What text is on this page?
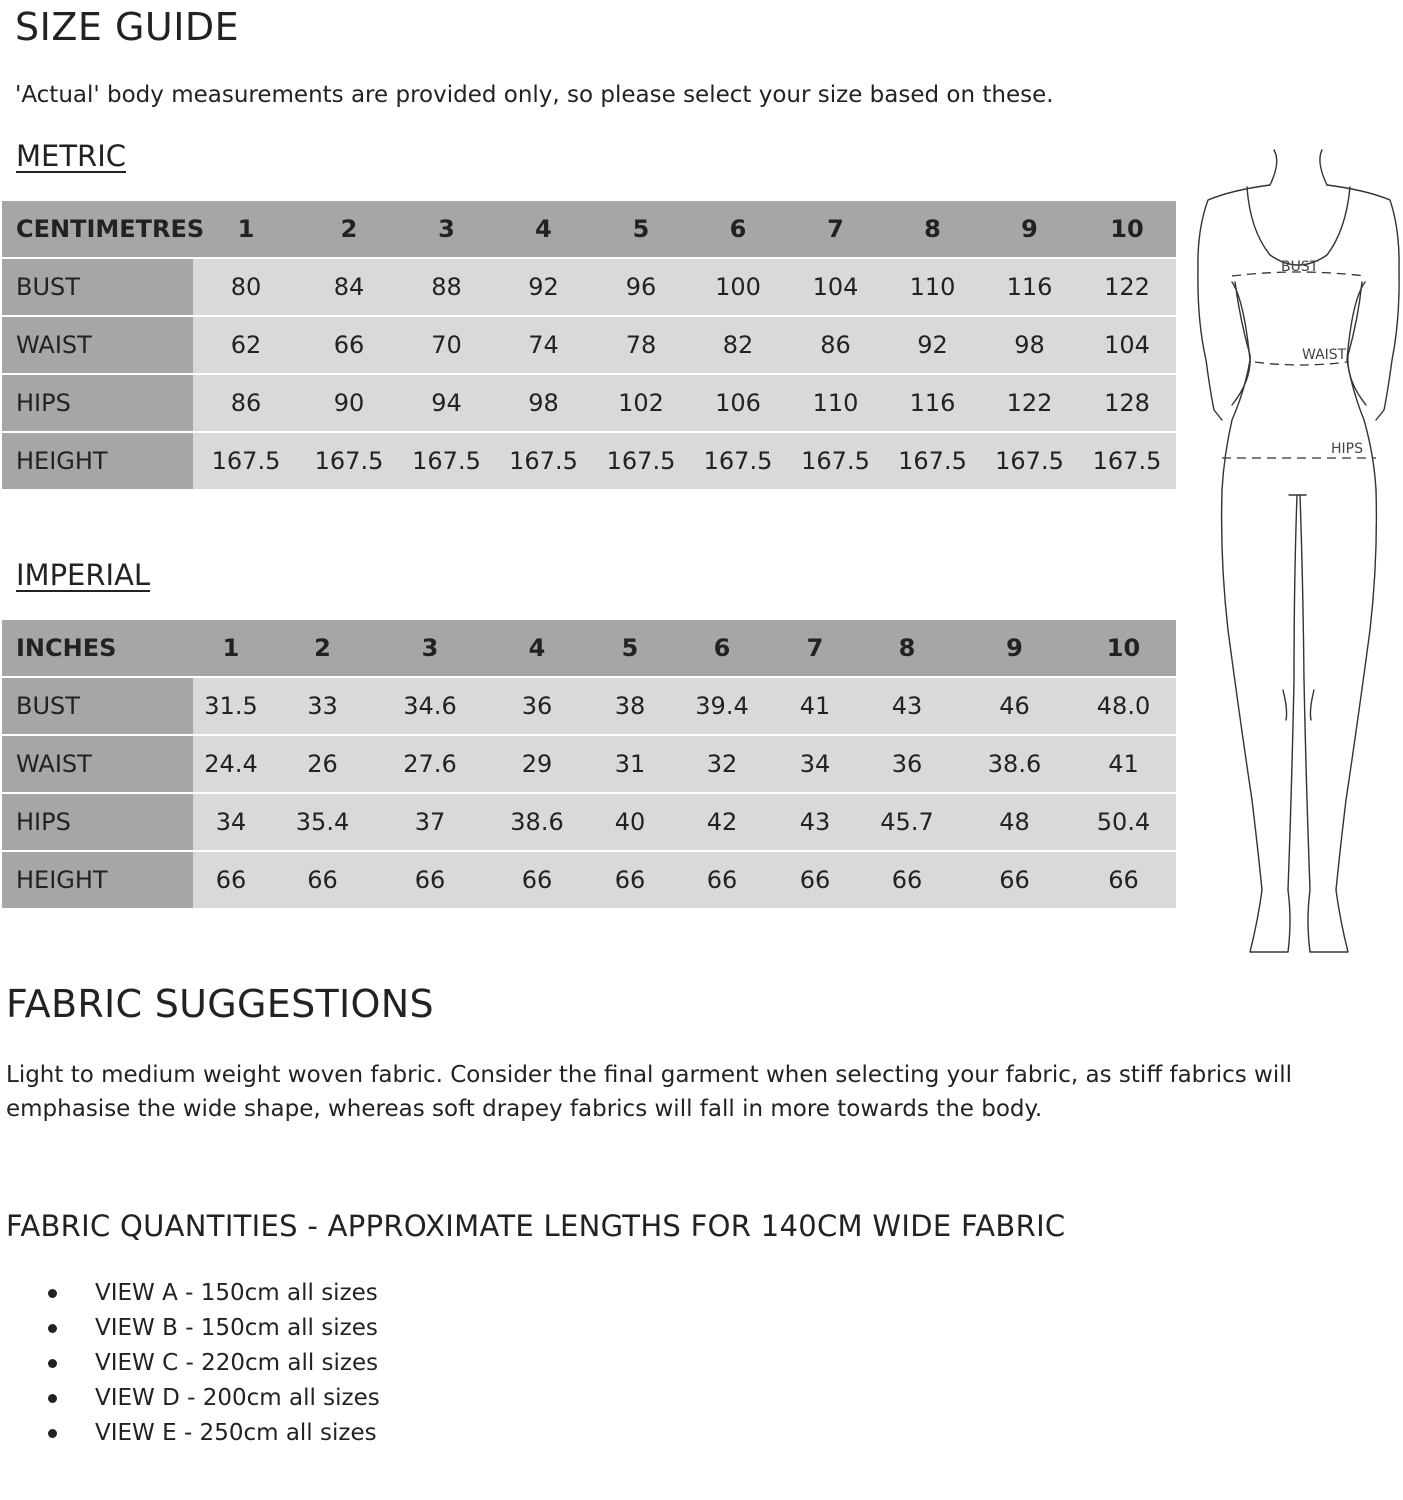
SIZE GUIDE
'Actual' body measurements are provided only, so please select your size based on these.
METRIC
CENTIMETRES	1	2	3	4	5	6	7	8	9	10
BUST	80	84	88	92	96	100	104	110	116	122
WAIST	62	66	70	74	78	82	86	92	98	104
HIPS	86	90	94	98	102	106	110	116	122	128
HEIGHT	167.5	167.5	167.5	167.5	167.5	167.5	167.5	167.5	167.5	167.5
IMPERIAL
INCHES	1	2	3	4	5	6	7	8	9	10
BUST	31.5	33	34.6	36	38	39.4	41	43	46	48.0
WAIST	24.4	26	27.6	29	31	32	34	36	38.6	41
HIPS	34	35.4	37	38.6	40	42	43	45.7	48	50.4
HEIGHT	66	66	66	66	66	66	66	66	66	66
BUST
WAIST
HIPS
FABRIC SUGGESTIONS
Light to medium weight woven fabric. Consider the final garment when selecting your fabric, as stiff fabrics will
emphasise the wide shape, whereas soft drapey fabrics will fall in more towards the body.
FABRIC QUANTITIES - APPROXIMATE LENGTHS FOR 140CM WIDE FABRIC
VIEW A - 150cm all sizes
VIEW B - 150cm all sizes
VIEW C - 220cm all sizes
VIEW D - 200cm all sizes
VIEW E - 250cm all sizes
